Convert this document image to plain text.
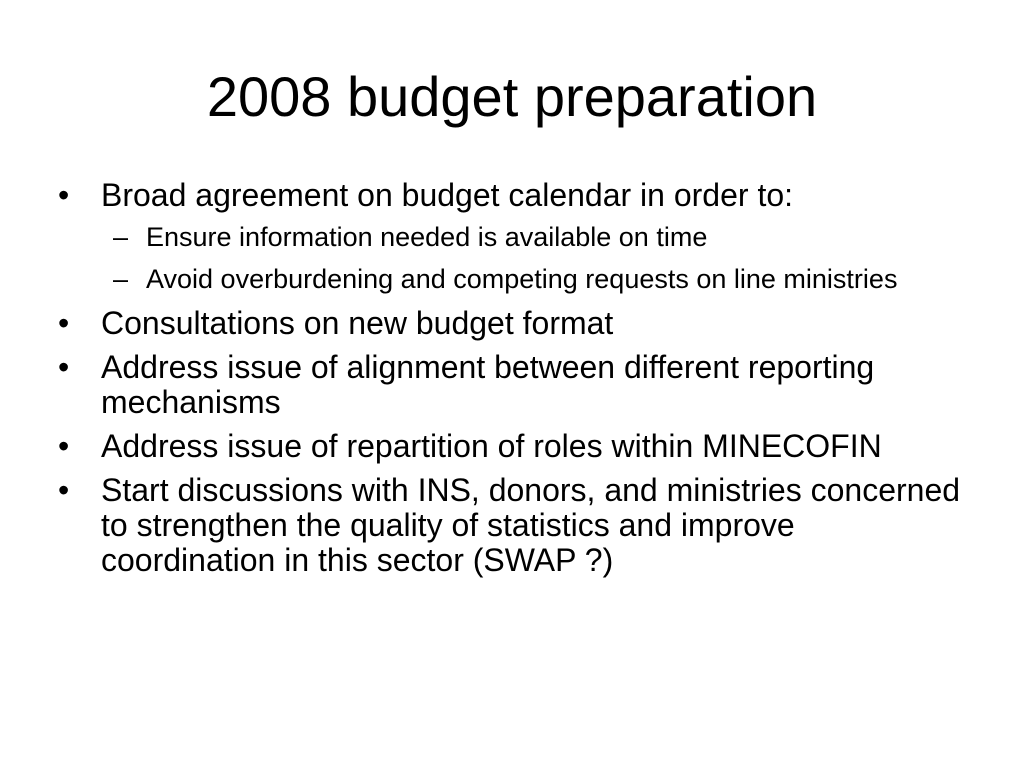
2008 budget preparation
• Broad agreement on budget calendar in order to:
– Ensure information needed is available on time
– Avoid overburdening and competing requests on line ministries
• Consultations on new budget format
• Address issue of alignment between different reporting mechanisms
• Address issue of repartition of roles within MINECOFIN
• Start discussions with INS, donors, and ministries concerned to strengthen the quality of statistics and improve coordination in this sector (SWAP ?)
